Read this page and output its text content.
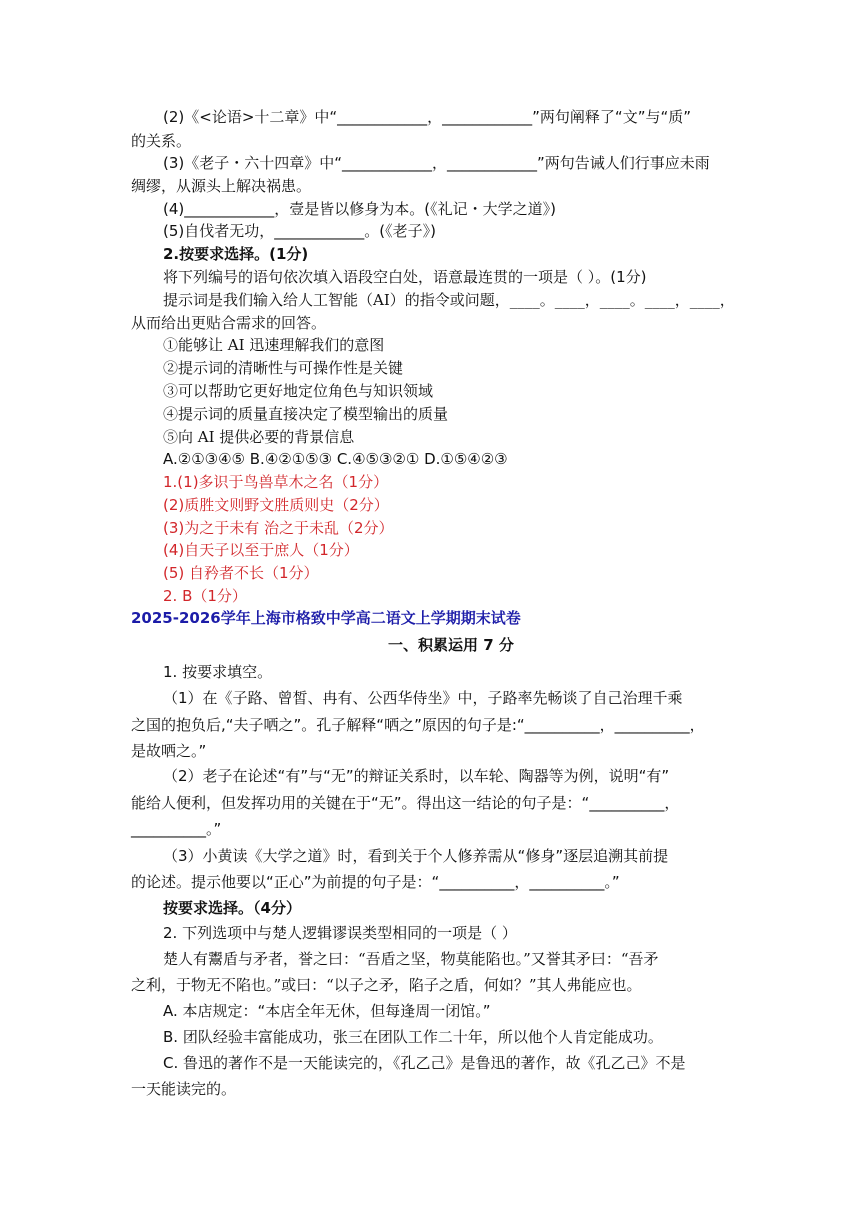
(2)《<论语>十二章》中“____________，____________”两句阐释了“文”与“质”
的关系。
(3)《老子・六十四章》中“____________，____________”两句告诫人们行事应未雨
绸缪，从源头上解决祸患。
(4)____________，壹是皆以修身为本。(《礼记・大学之道》)
(5)自伐者无功，____________。(《老子》)
2.按要求选择。(1分)
将下列编号的语句依次填入语段空白处，语意最连贯的一项是（ ）。(1分)
提示词是我们输入给人工智能（AI）的指令或问题，____。____，____。____，____，
从而给出更贴合需求的回答。
①能够让 AI 迅速理解我们的意图
②提示词的清晰性与可操作性是关键
③可以帮助它更好地定位角色与知识领域
④提示词的质量直接决定了模型输出的质量
⑤向 AI 提供必要的背景信息
A.②①③④⑤ B.④②①⑤③ C.④⑤③②① D.①⑤④②③
1.(1)多识于鸟兽草木之名（1分）
(2)质胜文则野文胜质则史（2分）
(3)为之于未有 治之于未乱（2分）
(4)自天子以至于庶人（1分）
(5) 自矜者不长（1分）
2. B（1分）
2025-2026学年上海市格致中学高二语文上学期期末试卷
一、积累运用 7 分
1. 按要求填空。
（1）在《子路、曾皙、冉有、公西华侍坐》中，子路率先畅谈了自己治理千乘
之国的抱负后,“夫子哂之”。孔子解释“哂之”原因的句子是:“__________，__________，
是故哂之。”
（2）老子在论述“有”与“无”的辩证关系时，以车轮、陶器等为例，说明“有”
能给人便利，但发挥功用的关键在于“无”。得出这一结论的句子是：“__________，
__________。”
（3）小黄读《大学之道》时，看到关于个人修养需从“修身”逐层追溯其前提
的论述。提示他要以“正心”为前提的句子是：“__________，__________。”
按要求选择。（4分）
2. 下列选项中与楚人逻辑谬误类型相同的一项是（ ）
楚人有鬻盾与矛者，誉之曰：“吾盾之坚，物莫能陷也。”又誉其矛曰：“吾矛
之利，于物无不陷也。”或曰：“以子之矛，陷子之盾，何如？”其人弗能应也。
A. 本店规定：“本店全年无休，但每逢周一闭馆。”
B. 团队经验丰富能成功，张三在团队工作二十年，所以他个人肯定能成功。
C. 鲁迅的著作不是一天能读完的，《孔乙己》是鲁迅的著作，故《孔乙己》不是
一天能读完的。
